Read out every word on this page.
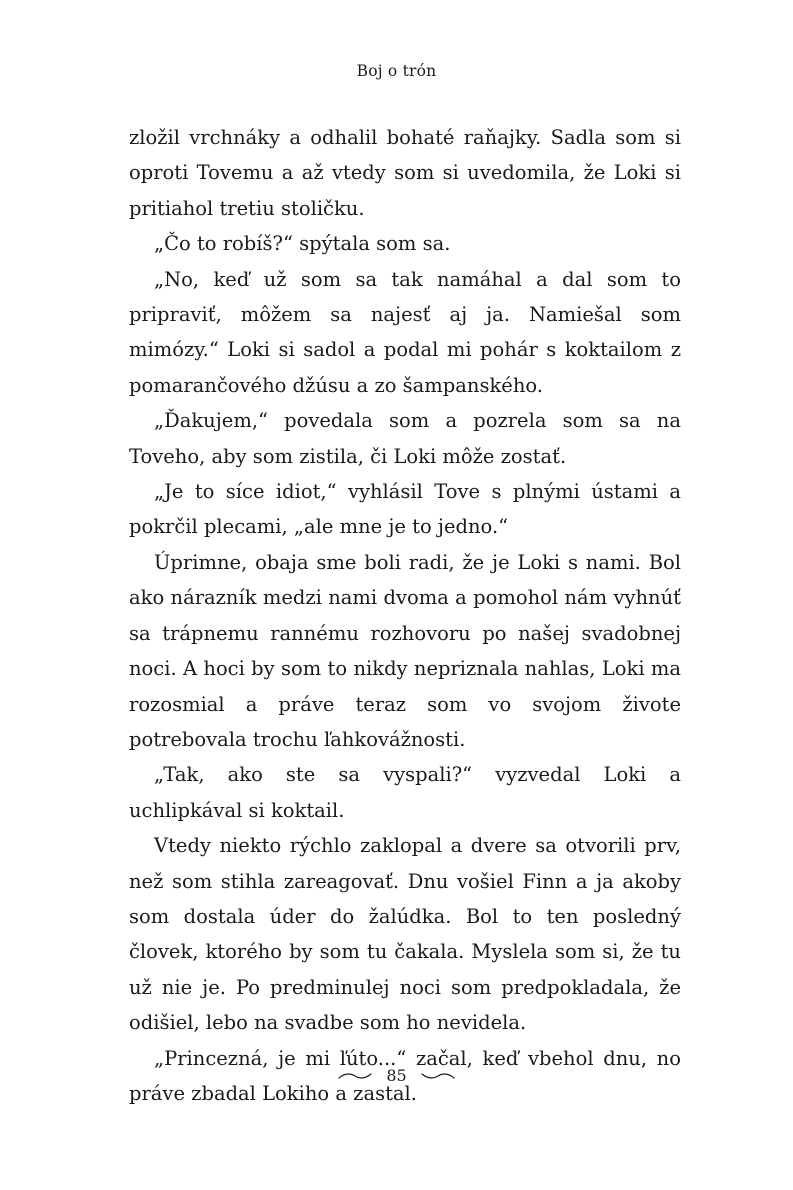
Boj o trón

zložil vrchnáky a odhalil bohaté raňajky. Sadla som si oproti Tovemu a až vtedy som si uvedomila, že Loki si pritiahol tretiu stoličku.

„Čo to robíš?“ spýtala som sa.

„No, keď už som sa tak namáhal a dal som to pripraviť, môžem sa najesť aj ja. Namiešal som mimózy.“ Loki si sadol a podal mi pohár s koktailom z pomarančového džúsu a zo šampanského.

„Ďakujem,“ povedala som a pozrela som sa na Toveho, aby som zistila, či Loki môže zostať.

„Je to síce idiot,“ vyhlásil Tove s plnými ústami a pokrčil plecami, „ale mne je to jedno.“

Úprimne, obaja sme boli radi, že je Loki s nami. Bol ako nárazník medzi nami dvoma a pomohol nám vyhnúť sa trápnemu rannému rozhovoru po našej svadobnej noci. A hoci by som to nikdy nepriznala nahlas, Loki ma rozosmial a práve teraz som vo svojom živote potrebovala trochu ľahkovážnosti.

„Tak, ako ste sa vyspali?“ vyzvedal Loki a uchlipkával si koktail.

Vtedy niekto rýchlo zaklopal a dvere sa otvorili prv, než som stihla zareagovať. Dnu vošiel Finn a ja akoby som dostala úder do žalúdka. Bol to ten posledný človek, ktorého by som tu čakala. Myslela som si, že tu už nie je. Po predminulej noci som predpokladala, že odišiel, lebo na svadbe som ho nevidela.

„Princezná, je mi ľúto...“ začal, keď vbehol dnu, no práve zbadal Lokiho a zastal.

85
